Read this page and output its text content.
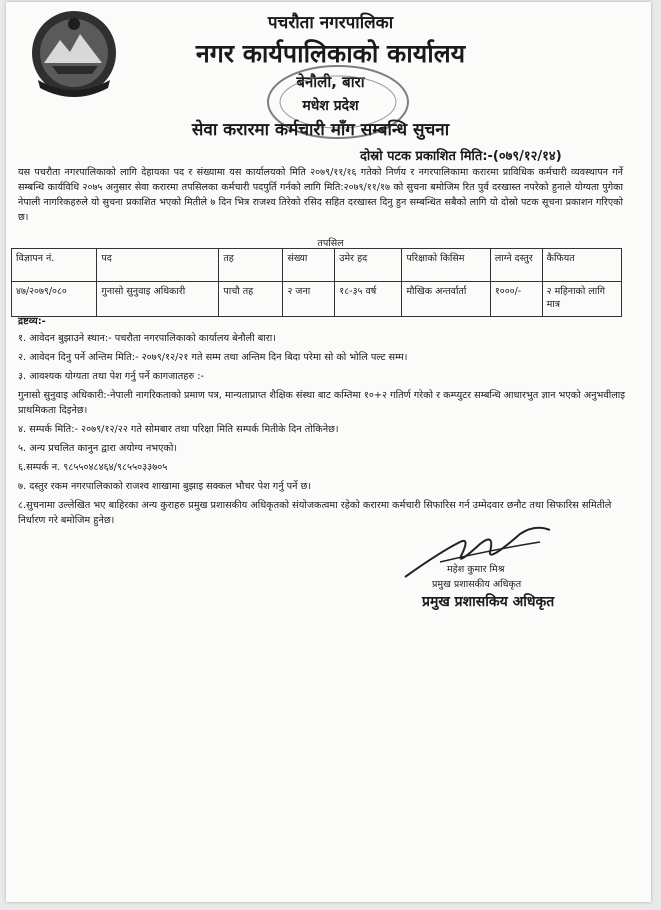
पचरौता नगरपालिका
नगर कार्यपालिकाको कार्यालय
बेनौली, बारा
मधेश प्रदेश
सेवा करारमा कर्मचारी माँग सम्बन्धि सुचना
दोस्रो पटक प्रकाशित मिति:-(०७९/१२/१४)

यस पचरौता नगरपालिकाको लागि देहायका पद र संख्यामा यस कार्यालयको मिति २०७९/११/१६ गतेको निर्णय र नगरपालिकामा करारमा प्राविधिक कर्मचारी व्यवस्थापन गर्ने सम्बन्धि कार्यविधि २०७५ अनुसार सेवा करारमा तपसिलका कर्मचारी पदपुर्ति गर्नको लागि मिति:२०७९/११/१७ को सुचना बमोजिम रित पुर्व दरखास्त नपरेको हुनाले योग्यता पुगेका नेपाली नागरिकहरुले यो सुचना प्रकाशित भएको मितीले ७ दिन भित्र राजश्व तिरेको रसिद सहित दरखास्त दिनु हुन सम्बन्धित सबैको लागि यो दोस्रो पटक सूचना प्रकाशन गरिएको छ।

तपसिल
विज्ञापन नं.	पद	तह	संख्या	उमेर हद	परिक्षाको किसिम	लाग्ने दस्तुर	कैफियत
४७/२०७९/०८०	गुनासो सुनुवाइ अधिकारी	पाचौ तह	२ जना	१८-३५ वर्ष	मौखिक अन्तर्वार्ता	१०००/-	२ महिनाको लागि मात्र
द्रष्टव्य:-
१. आवेदन बुझाउने स्थान:- पचरौता नगरपालिकाको कार्यालय बेनौली बारा।
२. आवेदन दिनु पर्ने अन्तिम मिति:- २०७९/१२/२१ गते सम्म तथा अन्तिम दिन बिदा परेमा सो को भोलि पल्ट सम्म।
३. आवश्यक योग्यता तथा पेश गर्नु पर्ने कागजातहरु :-
गुनासो सुनुवाइ अधिकारी:-नेपाली नागरिकताको प्रमाण पत्र, मान्यताप्राप्त शैक्षिक संस्था बाट कम्तिमा १०+२ गतिर्ण गरेको र कम्प्युटर सम्बन्धि आधारभुत ज्ञान भएको अनुभवीलाइ प्राथमिकता दिइनेछ।
४. सम्पर्क मिति:- २०७९/१२/२२ गते सोमबार तथा परिक्षा मिति सम्पर्क मितीके दिन तोकिनेछ।
५. अन्य प्रचलित कानुन द्वारा अयोग्य नभएको।
६.सम्पर्क न. ९८५५०४८४६४/९८५५०३३७०५
७. दस्तुर रकम नगरपालिकाको राजश्व शाखामा बुझाइ सक्कल भौचर पेश गर्नु पर्ने छ।
८.सुचनामा उल्लेखित भए बाहिरका अन्य कुराहरु प्रमुख प्रशासकीय अधिकृतको संयोजकत्वमा रहेको करारमा कर्मचारी सिफारिस गर्न उम्मेदवार छनौट तथा सिफारिस समितीले निर्धारण गरे बमोजिम हुनेछ।
महेश कुमार मिश्र
प्रमुख प्रशासकीय अधिकृत
प्रमुख प्रशासकिय अधिकृत
